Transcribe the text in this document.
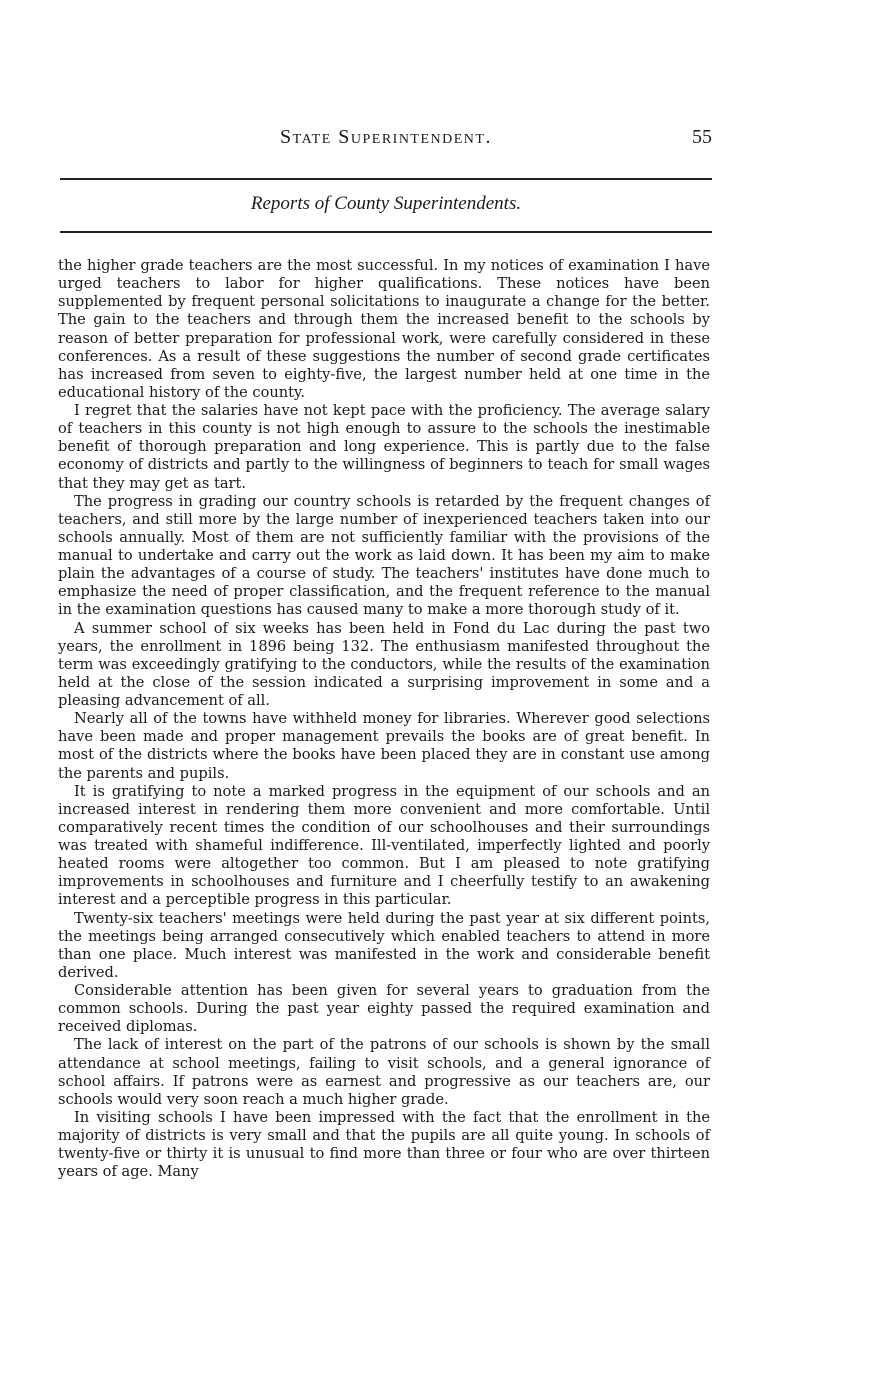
State Superintendent.	55
Reports of County Superintendents.

the higher grade teachers are the most successful. In my notices of examination I have urged teachers to labor for higher qualifications. These notices have been supplemented by frequent personal solicitations to inaugurate a change for the better. The gain to the teachers and through them the increased benefit to the schools by reason of better preparation for professional work, were carefully considered in these conferences. As a result of these suggestions the number of second grade certificates has increased from seven to eighty-five, the largest number held at one time in the educational history of the county.

I regret that the salaries have not kept pace with the proficiency. The average salary of teachers in this county is not high enough to assure to the schools the inestimable benefit of thorough preparation and long experience. This is partly due to the false economy of districts and partly to the willingness of beginners to teach for small wages that they may get as tart.

The progress in grading our country schools is retarded by the frequent changes of teachers, and still more by the large number of inexperienced teachers taken into our schools annually. Most of them are not sufficiently familiar with the provisions of the manual to undertake and carry out the work as laid down. It has been my aim to make plain the advantages of a course of study. The teachers' institutes have done much to emphasize the need of proper classification, and the frequent reference to the manual in the examination questions has caused many to make a more thorough study of it.

A summer school of six weeks has been held in Fond du Lac during the past two years, the enrollment in 1896 being 132. The enthusiasm manifested throughout the term was exceedingly gratifying to the conductors, while the results of the examination held at the close of the session indicated a surprising improvement in some and a pleasing advancement of all.

Nearly all of the towns have withheld money for libraries. Wherever good selections have been made and proper management prevails the books are of great benefit. In most of the districts where the books have been placed they are in constant use among the parents and pupils.

It is gratifying to note a marked progress in the equipment of our schools and an increased interest in rendering them more convenient and more comfortable. Until comparatively recent times the condition of our schoolhouses and their surroundings was treated with shameful indifference. Ill-ventilated, imperfectly lighted and poorly heated rooms were altogether too common. But I am pleased to note gratifying improvements in schoolhouses and furniture and I cheerfully testify to an awakening interest and a perceptible progress in this particular.

Twenty-six teachers' meetings were held during the past year at six different points, the meetings being arranged consecutively which enabled teachers to attend in more than one place. Much interest was manifested in the work and considerable benefit derived.

Considerable attention has been given for several years to graduation from the common schools. During the past year eighty passed the required examination and received diplomas.

The lack of interest on the part of the patrons of our schools is shown by the small attendance at school meetings, failing to visit schools, and a general ignorance of school affairs. If patrons were as earnest and progressive as our teachers are, our schools would very soon reach a much higher grade.

In visiting schools I have been impressed with the fact that the enrollment in the majority of districts is very small and that the pupils are all quite young. In schools of twenty-five or thirty it is unusual to find more than three or four who are over thirteen years of age. Many
